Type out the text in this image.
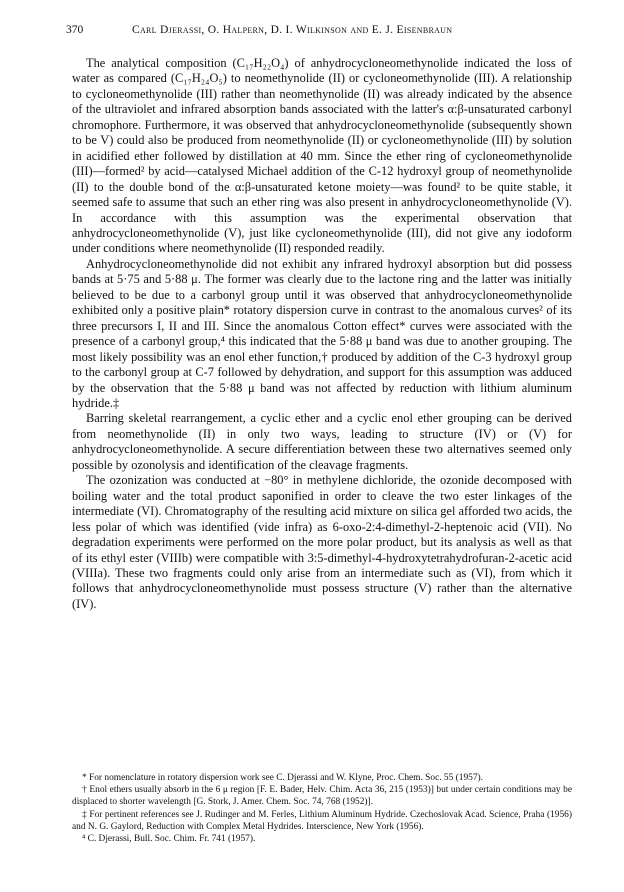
370	Carl Djerassi, O. Halpern, D. I. Wilkinson and E. J. Eisenbraun

The analytical composition (C₁₇H₂₂O₄) of anhydrocycloneomethynolide indicated the loss of water as compared (C₁₇H₂₄O₅) to neomethynolide (II) or cycloneomethynolide (III). A relationship to cycloneomethynolide (III) rather than neomethynolide (II) was already indicated by the absence of the ultraviolet and infrared absorption bands associated with the latter's α:β-unsaturated carbonyl chromophore. Furthermore, it was observed that anhydrocycloneomethynolide (subsequently shown to be V) could also be produced from neomethynolide (II) or cycloneomethynolide (III) by solution in acidified ether followed by distillation at 40 mm. Since the ether ring of cycloneomethynolide (III)—formed² by acid—catalysed Michael addition of the C-12 hydroxyl group of neomethynolide (II) to the double bond of the α:β-unsaturated ketone moiety—was found² to be quite stable, it seemed safe to assume that such an ether ring was also present in anhydrocycloneomethynolide (V). In accordance with this assumption was the experimental observation that anhydrocycloneomethynolide (V), just like cycloneomethynolide (III), did not give any iodoform under conditions where neomethynolide (II) responded readily.

Anhydrocycloneomethynolide did not exhibit any infrared hydroxyl absorption but did possess bands at 5·75 and 5·88 μ. The former was clearly due to the lactone ring and the latter was initially believed to be due to a carbonyl group until it was observed that anhydrocycloneomethynolide exhibited only a positive plain* rotatory dispersion curve in contrast to the anomalous curves² of its three precursors I, II and III. Since the anomalous Cotton effect* curves were associated with the presence of a carbonyl group,⁴ this indicated that the 5·88 μ band was due to another grouping. The most likely possibility was an enol ether function,† produced by addition of the C-3 hydroxyl group to the carbonyl group at C-7 followed by dehydration, and support for this assumption was adduced by the observation that the 5·88 μ band was not affected by reduction with lithium aluminum hydride.‡

Barring skeletal rearrangement, a cyclic ether and a cyclic enol ether grouping can be derived from neomethynolide (II) in only two ways, leading to structure (IV) or (V) for anhydrocycloneomethynolide. A secure differentiation between these two alternatives seemed only possible by ozonolysis and identification of the cleavage fragments.

The ozonization was conducted at −80° in methylene dichloride, the ozonide decomposed with boiling water and the total product saponified in order to cleave the two ester linkages of the intermediate (VI). Chromatography of the resulting acid mixture on silica gel afforded two acids, the less polar of which was identified (vide infra) as 6-oxo-2:4-dimethyl-2-heptenoic acid (VII). No degradation experiments were performed on the more polar product, but its analysis as well as that of its ethyl ester (VIIIb) were compatible with 3:5-dimethyl-4-hydroxytetrahydrofuran-2-acetic acid (VIIIa). These two fragments could only arise from an intermediate such as (VI), from which it follows that anhydrocycloneomethynolide must possess structure (V) rather than the alternative (IV).

* For nomenclature in rotatory dispersion work see C. Djerassi and W. Klyne, Proc. Chem. Soc. 55 (1957).

† Enol ethers usually absorb in the 6 μ region [F. E. Bader, Helv. Chim. Acta 36, 215 (1953)] but under certain conditions may be displaced to shorter wavelength [G. Stork, J. Amer. Chem. Soc. 74, 768 (1952)].

‡ For pertinent references see J. Rudinger and M. Ferles, Lithium Aluminum Hydride. Czechoslovak Acad. Science, Praha (1956) and N. G. Gaylord, Reduction with Complex Metal Hydrides. Interscience, New York (1956).

⁴ C. Djerassi, Bull. Soc. Chim. Fr. 741 (1957).
